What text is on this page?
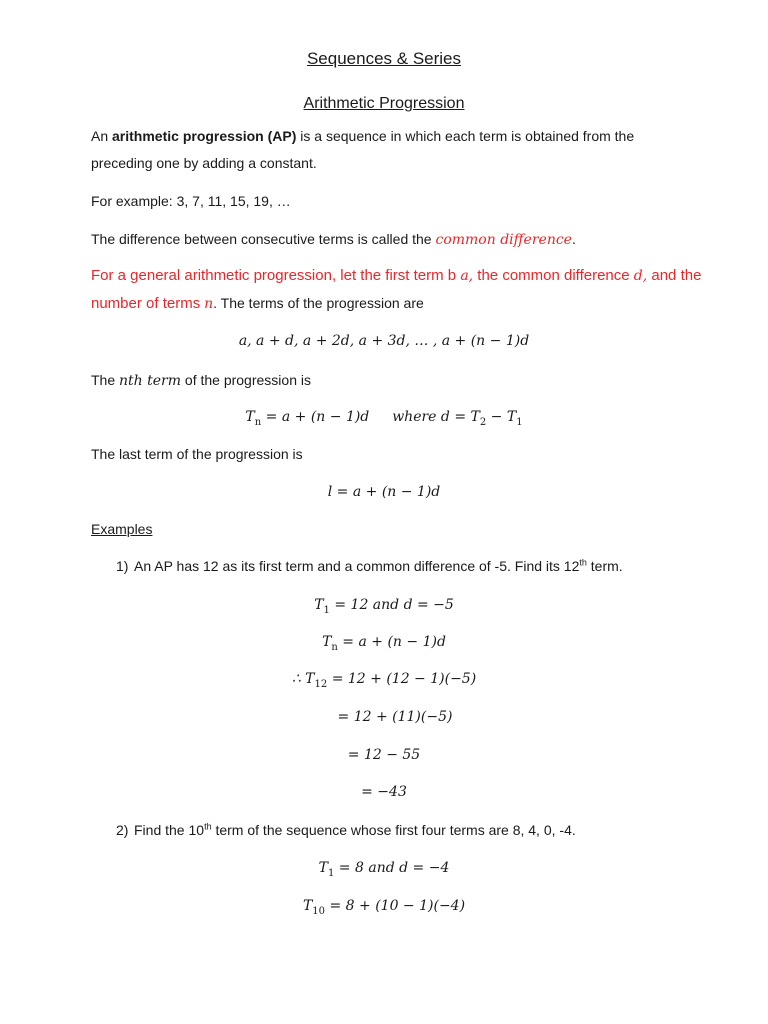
Sequences & Series
Arithmetic Progression
An arithmetic progression (AP) is a sequence in which each term is obtained from the
preceding one by adding a constant.
For example: 3, 7, 11, 15, 19, …
The difference between consecutive terms is called the common difference.
For a general arithmetic progression, let the first term b a, the common difference d, and the
number of terms n. The terms of the progression are
a, a + d, a + 2d, a + 3d, … , a + (n − 1)d
The nth term of the progression is
$T_n = a + (n - 1)d$ where $d = T_2 - T_1$
The last term of the progression is
l = a + (n − 1)d
Examples
1) An AP has 12 as its first term and a common difference of -5. Find its 12th term.
$T_1 = 12$ and d = −5
$T_n = a + (n - 1)d$
∴ $T_{12} = 12 + (12 - 1)(-5)$
= 12 + (11)(−5)
= 12 − 55
= −43
2) Find the 10th term of the sequence whose first four terms are 8, 4, 0, -4.
$T_1 = 8$ and d = −4
$T_{10} = 8 + (10 - 1)(-4)$
